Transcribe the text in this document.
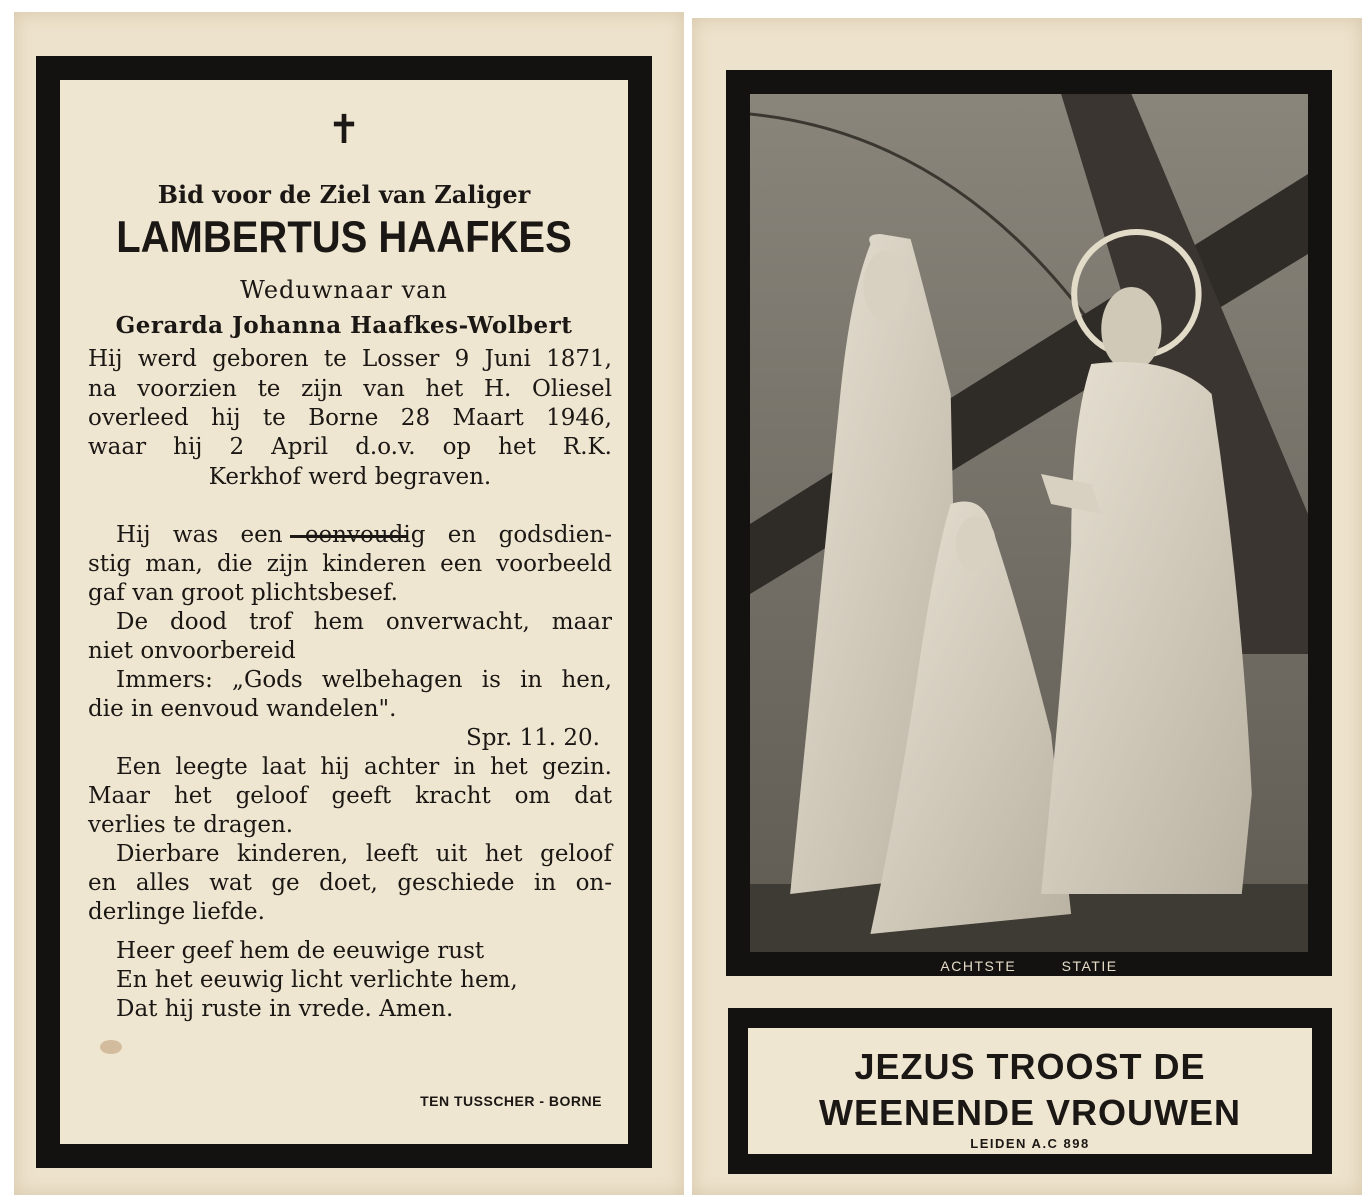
✝
Bid voor de Ziel van Zaliger
LAMBERTUS HAAFKES
Weduwnaar van
Gerarda Johanna Haafkes-Wolbert
Hij werd geboren te Losser 9 Juni 1871,
na voorzien te zijn van het H. Oliesel
overleed hij te Borne 28 Maart 1946,
waar hij 2 April d.o.v. op het R.K.
Kerkhof werd begraven.
Hij was een eenvoudig en godsdien-
stig man, die zijn kinderen een voorbeeld
gaf van groot plichtsbesef.
De dood trof hem onverwacht, maar
niet onvoorbereid
Immers: „Gods welbehagen is in hen,
die in eenvoud wandelen".
Spr. 11. 20.
Een leegte laat hij achter in het gezin.
Maar het geloof geeft kracht om dat
verlies te dragen.
Dierbare kinderen, leeft uit het geloof
en alles wat ge doet, geschiede in on-
derlinge liefde.
Heer geef hem de eeuwige rust
En het eeuwig licht verlichte hem,
Dat hij ruste in vrede. Amen.
TEN TUSSCHER - BORNE
ACHTSTE	STATIE
JEZUS TROOST DE
WEENENDE VROUWEN
LEIDEN A.C 898
